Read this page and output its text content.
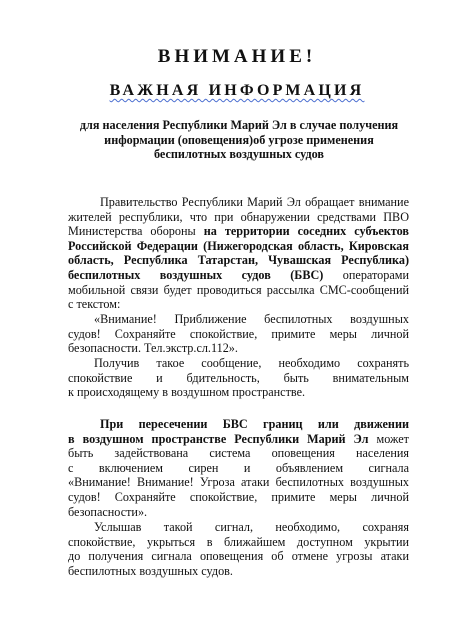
ВНИМАНИЕ!
ВАЖНАЯ ИНФОРМАЦИЯ
для населения Республики Марий Эл в случае получения
информации (оповещения)об угрозе применения
беспилотных воздушных судов
Правительство Республики Марий Эл обращает внимание
жителей республики, что при обнаружении средствами ПВО
Министерства обороны на территории соседних субъектов
Российской Федерации (Нижегородская область, Кировская
область, Республика Татарстан, Чувашская Республика)
беспилотных воздушных судов (БВС) операторами
мобильной связи будет проводиться рассылка СМС-сообщений
с текстом:
«Внимание! Приближение беспилотных воздушных
судов! Сохраняйте спокойствие, примите меры личной
безопасности. Тел.экстр.сл.112».
Получив такое сообщение, необходимо сохранять
спокойствие и бдительность, быть внимательным
к происходящему в воздушном пространстве.
При пересечении БВС границ или движении
в воздушном пространстве Республики Марий Эл может
быть задействована система оповещения населения
с включением сирен и объявлением сигнала
«Внимание! Внимание! Угроза атаки беспилотных воздушных
судов! Сохраняйте спокойствие, примите меры личной
безопасности».
Услышав такой сигнал, необходимо, сохраняя
спокойствие, укрыться в ближайшем доступном укрытии
до получения сигнала оповещения об отмене угрозы атаки
беспилотных воздушных судов.
